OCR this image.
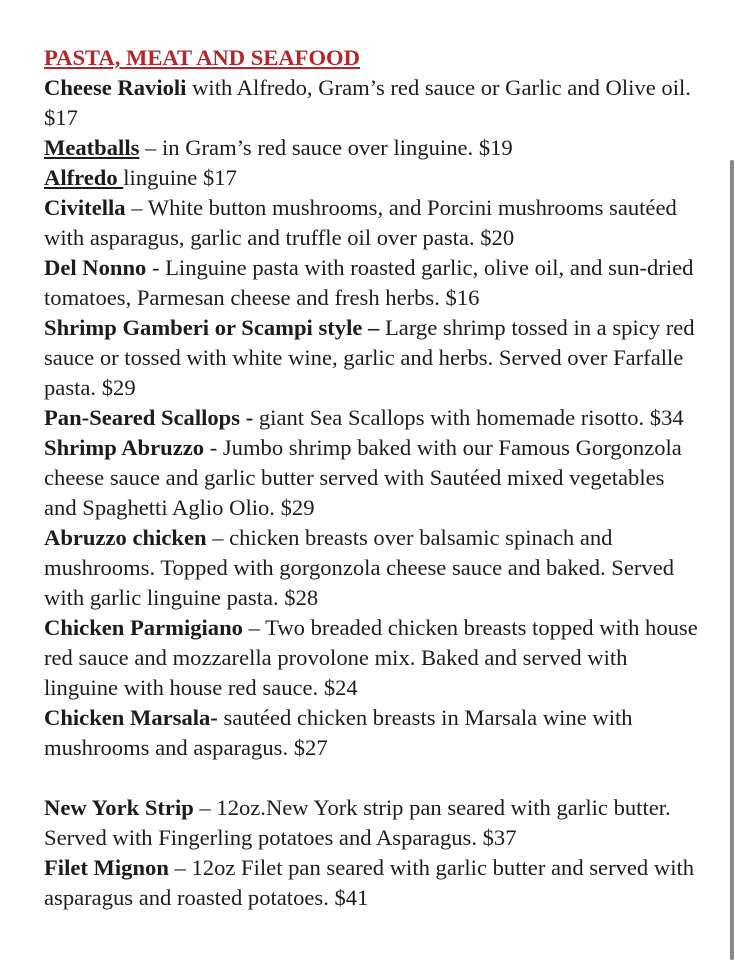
PASTA, MEAT AND SEAFOOD

Cheese Ravioli with Alfredo, Gram’s red sauce or Garlic and Olive oil. $17

Meatballs – in Gram’s red sauce over linguine. $19

Alfredo linguine $17

Civitella – White button mushrooms, and Porcini mushrooms sautéed with asparagus, garlic and truffle oil over pasta. $20

Del Nonno - Linguine pasta with roasted garlic, olive oil, and sun-dried tomatoes, Parmesan cheese and fresh herbs. $16

Shrimp Gamberi or Scampi style – Large shrimp tossed in a spicy red sauce or tossed with white wine, garlic and herbs. Served over Farfalle pasta. $29

Pan-Seared Scallops - giant Sea Scallops with homemade risotto. $34

Shrimp Abruzzo - Jumbo shrimp baked with our Famous Gorgonzola cheese sauce and garlic butter served with Sautéed mixed vegetables and Spaghetti Aglio Olio. $29

Abruzzo chicken – chicken breasts over balsamic spinach and mushrooms. Topped with gorgonzola cheese sauce and baked. Served with garlic linguine pasta. $28

Chicken Parmigiano – Two breaded chicken breasts topped with house red sauce and mozzarella provolone mix. Baked and served with linguine with house red sauce. $24

Chicken Marsala- sautéed chicken breasts in Marsala wine with mushrooms and asparagus. $27

New York Strip – 12oz.New York strip pan seared with garlic butter. Served with Fingerling potatoes and Asparagus. $37

Filet Mignon – 12oz Filet pan seared with garlic butter and served with asparagus and roasted potatoes. $41
